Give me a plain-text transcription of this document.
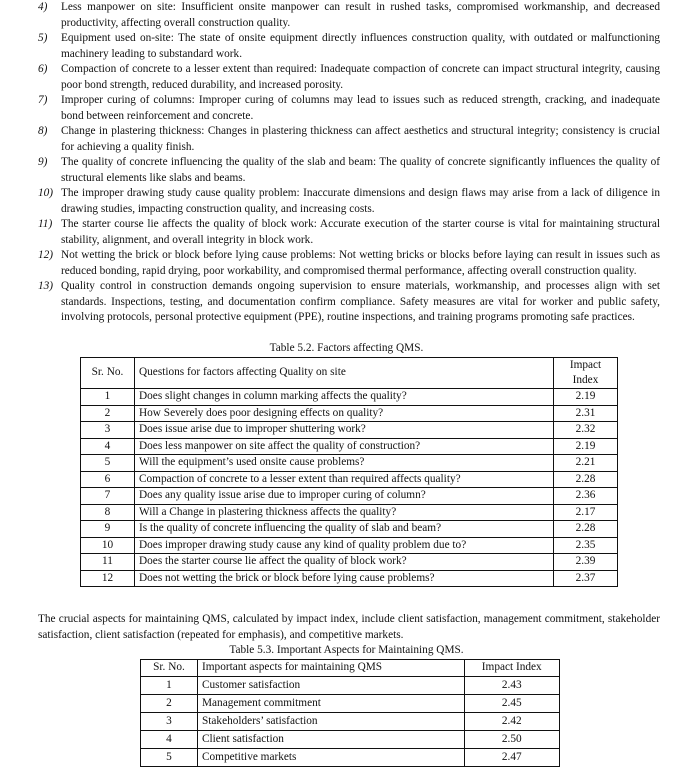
4) Less manpower on site: Insufficient onsite manpower can result in rushed tasks, compromised workmanship, and decreased productivity, affecting overall construction quality.
5) Equipment used on-site: The state of onsite equipment directly influences construction quality, with outdated or malfunctioning machinery leading to substandard work.
6) Compaction of concrete to a lesser extent than required: Inadequate compaction of concrete can impact structural integrity, causing poor bond strength, reduced durability, and increased porosity.
7) Improper curing of columns: Improper curing of columns may lead to issues such as reduced strength, cracking, and inadequate bond between reinforcement and concrete.
8) Change in plastering thickness: Changes in plastering thickness can affect aesthetics and structural integrity; consistency is crucial for achieving a quality finish.
9) The quality of concrete influencing the quality of the slab and beam: The quality of concrete significantly influences the quality of structural elements like slabs and beams.
10) The improper drawing study cause quality problem: Inaccurate dimensions and design flaws may arise from a lack of diligence in drawing studies, impacting construction quality, and increasing costs.
11) The starter course lie affects the quality of block work: Accurate execution of the starter course is vital for maintaining structural stability, alignment, and overall integrity in block work.
12) Not wetting the brick or block before lying cause problems: Not wetting bricks or blocks before laying can result in issues such as reduced bonding, rapid drying, poor workability, and compromised thermal performance, affecting overall construction quality.
13) Quality control in construction demands ongoing supervision to ensure materials, workmanship, and processes align with set standards. Inspections, testing, and documentation confirm compliance. Safety measures are vital for worker and public safety, involving protocols, personal protective equipment (PPE), routine inspections, and training programs promoting safe practices.
Table 5.2. Factors affecting QMS.
Sr. No.	Questions for factors affecting Quality on site	Impact Index
1	Does slight changes in column marking affects the quality?	2.19
2	How Severely does poor designing effects on quality?	2.31
3	Does issue arise due to improper shuttering work?	2.32
4	Does less manpower on site affect the quality of construction?	2.19
5	Will the equipment’s used onsite cause problems?	2.21
6	Compaction of concrete to a lesser extent than required affects quality?	2.28
7	Does any quality issue arise due to improper curing of column?	2.36
8	Will a Change in plastering thickness affects the quality?	2.17
9	Is the quality of concrete influencing the quality of slab and beam?	2.28
10	Does improper drawing study cause any kind of quality problem due to?	2.35
11	Does the starter course lie affect the quality of block work?	2.39
12	Does not wetting the brick or block before lying cause problems?	2.37
The crucial aspects for maintaining QMS, calculated by impact index, include client satisfaction, management commitment, stakeholder satisfaction, client satisfaction (repeated for emphasis), and competitive markets.
Table 5.3. Important Aspects for Maintaining QMS.
Sr. No.	Important aspects for maintaining QMS	Impact Index
1	Customer satisfaction	2.43
2	Management commitment	2.45
3	Stakeholders’ satisfaction	2.42
4	Client satisfaction	2.50
5	Competitive markets	2.47
